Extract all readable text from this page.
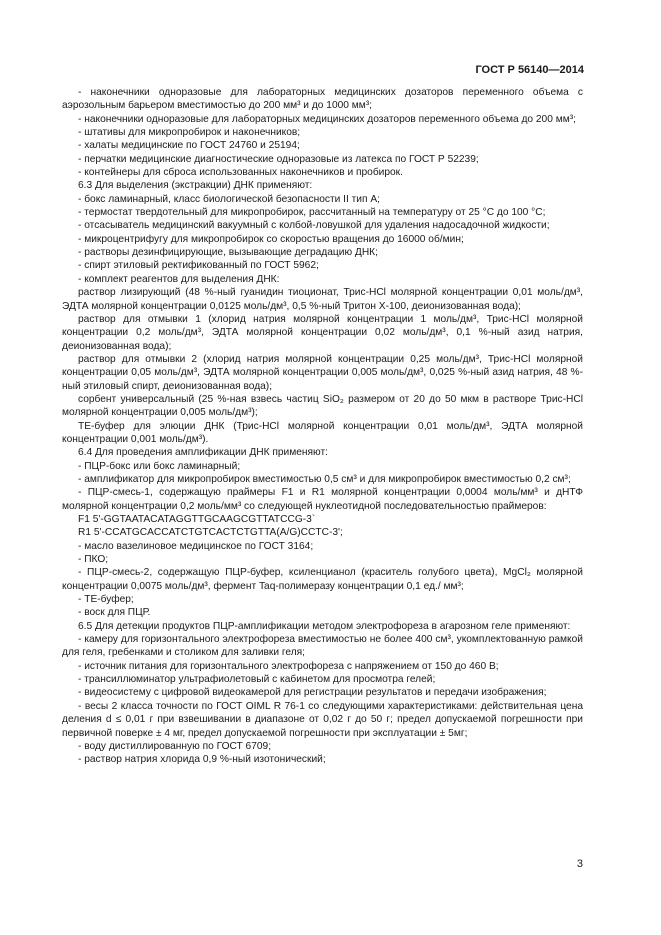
ГОСТ Р 56140—2014

- наконечники одноразовые для лабораторных медицинских дозаторов переменного объема с аэрозольным барьером вместимостью до 200 мм³ и до 1000 мм³;

- наконечники одноразовые для лабораторных медицинских дозаторов переменного объема до 200 мм³;

- штативы для микропробирок и наконечников;

- халаты медицинские по ГОСТ 24760 и 25194;

- перчатки медицинские диагностические одноразовые из латекса по ГОСТ Р 52239;

- контейнеры для сброса использованных наконечников и пробирок.

6.3 Для выделения (экстракции) ДНК применяют:

- бокс ламинарный, класс биологической безопасности II тип А;

- термостат твердотельный для микропробирок, рассчитанный на температуру от 25 °С до 100 °С;

- отсасыватель медицинский вакуумный с колбой-ловушкой для удаления надосадочной жидкости;

- микроцентрифугу для микропробирок со скоростью вращения до 16000 об/мин;

- растворы дезинфицирующие, вызывающие деградацию ДНК;

- спирт этиловый ректификованный по ГОСТ 5962;

- комплект реагентов для выделения ДНК:

раствор лизирующий (48 %-ный гуанидин тиоционат, Трис-HCl молярной концентрации 0,01 моль/дм³, ЭДТА молярной концентрации 0,0125 моль/дм³, 0,5 %-ный Тритон Х-100, деионизованная вода);

раствор для отмывки 1 (хлорид натрия молярной концентрации 1 моль/дм³, Трис-HCl молярной концентрации 0,2 моль/дм³, ЭДТА молярной концентрации 0,02 моль/дм³, 0,1 %-ный азид натрия, деионизованная вода);

раствор для отмывки 2 (хлорид натрия молярной концентрации 0,25 моль/дм³, Трис-HCl молярной концентрации 0,05 моль/дм³, ЭДТА молярной концентрации 0,005 моль/дм³, 0,025 %-ный азид натрия, 48 %-ный этиловый спирт, деионизованная вода);

сорбент универсальный (25 %-ная взвесь частиц SiO₂ размером от 20 до 50 мкм в растворе Трис-HCl молярной концентрации 0,005 моль/дм³);

ТЕ-буфер для элюции ДНК (Трис-HCl молярной концентрации 0,01 моль/дм³, ЭДТА молярной концентрации 0,001 моль/дм³).

6.4 Для проведения амплификации ДНК применяют:

- ПЦР-бокс или бокс ламинарный;

- амплификатор для микропробирок вместимостью 0,5 см³ и для микропробирок вместимостью 0,2 см³;

- ПЦР-смесь-1, содержащую праймеры F1 и R1 молярной концентрации 0,0004 моль/мм³ и дНТФ молярной концентрации 0,2 моль/мм³ со следующей нуклеотидной последовательностью праймеров:

F1 5'-GGTAATACATAGGTTGCAAGCGTTATCCG-3`

R1 5'-CCATGCACCATCTGTCACTCTGTTA(A/G)CCTC-3';

- масло вазелиновое медицинское по ГОСТ 3164;

- ПКО;

- ПЦР-смесь-2, содержащую ПЦР-буфер, ксиленцианол (краситель голубого цвета), MgCl₂ молярной концентрации 0,0075 моль/дм³, фермент Taq-полимеразу концентрации 0,1 ед./ мм³;

- ТЕ-буфер;

- воск для ПЦР.

6.5 Для детекции продуктов ПЦР-амплификации методом электрофореза в агарозном геле применяют:

- камеру для горизонтального электрофореза вместимостью не более 400 см³, укомплектованную рамкой для геля, гребенками и столиком для заливки геля;

- источник питания для горизонтального электрофореза с напряжением от 150 до 460 В;

- трансиллюминатор ультрафиолетовый с кабинетом для просмотра гелей;

- видеосистему с цифровой видеокамерой для регистрации результатов и передачи изображения;

- весы 2 класса точности по ГОСТ OIML R 76-1 со следующими характеристиками: действительная цена деления d ≤ 0,01 г при взвешивании в диапазоне от 0,02 г до 50 г; предел допускаемой погрешности при первичной поверке ± 4 мг, предел допускаемой погрешности при эксплуатации ± 5мг;

- воду дистиллированную по ГОСТ 6709;

- раствор натрия хлорида 0,9 %-ный изотонический;

3
